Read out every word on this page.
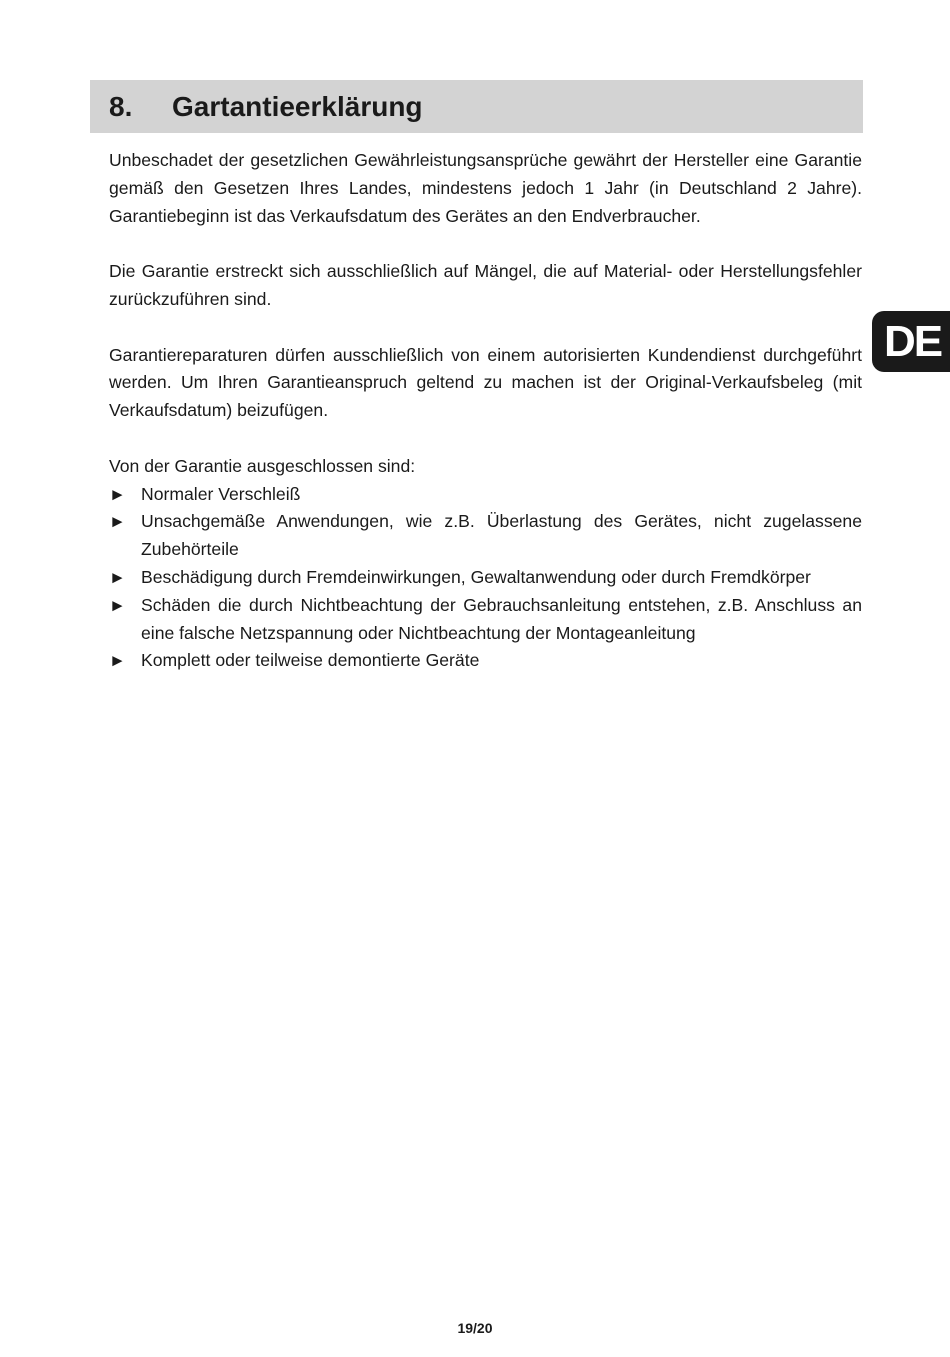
8. Gartantieerklärung
DE

Unbeschadet der gesetzlichen Gewährleistungsansprüche gewährt der Hersteller eine Garantie gemäß den Gesetzen Ihres Landes, mindestens jedoch 1 Jahr (in Deutschland 2 Jahre). Garantiebeginn ist das Verkaufsdatum des Gerätes an den Endverbraucher.

Die Garantie erstreckt sich ausschließlich auf Mängel, die auf Material- oder Herstellungsfehler zurückzuführen sind.

Garantiereparaturen dürfen ausschließlich von einem autorisierten Kundendienst durchgeführt werden. Um Ihren Garantieanspruch geltend zu machen ist der Original-Verkaufsbeleg (mit Verkaufsdatum) beizufügen.

Von der Garantie ausgeschlossen sind:

► Normaler Verschleiß
► Unsachgemäße Anwendungen, wie z.B. Überlastung des Gerätes, nicht zugelassene Zubehörteile
► Beschädigung durch Fremdeinwirkungen, Gewaltanwendung oder durch Fremdkörper
► Schäden die durch Nichtbeachtung der Gebrauchsanleitung entstehen, z.B. Anschluss an eine falsche Netzspannung oder Nichtbeachtung der Montageanleitung
► Komplett oder teilweise demontierte Geräte
19/20
